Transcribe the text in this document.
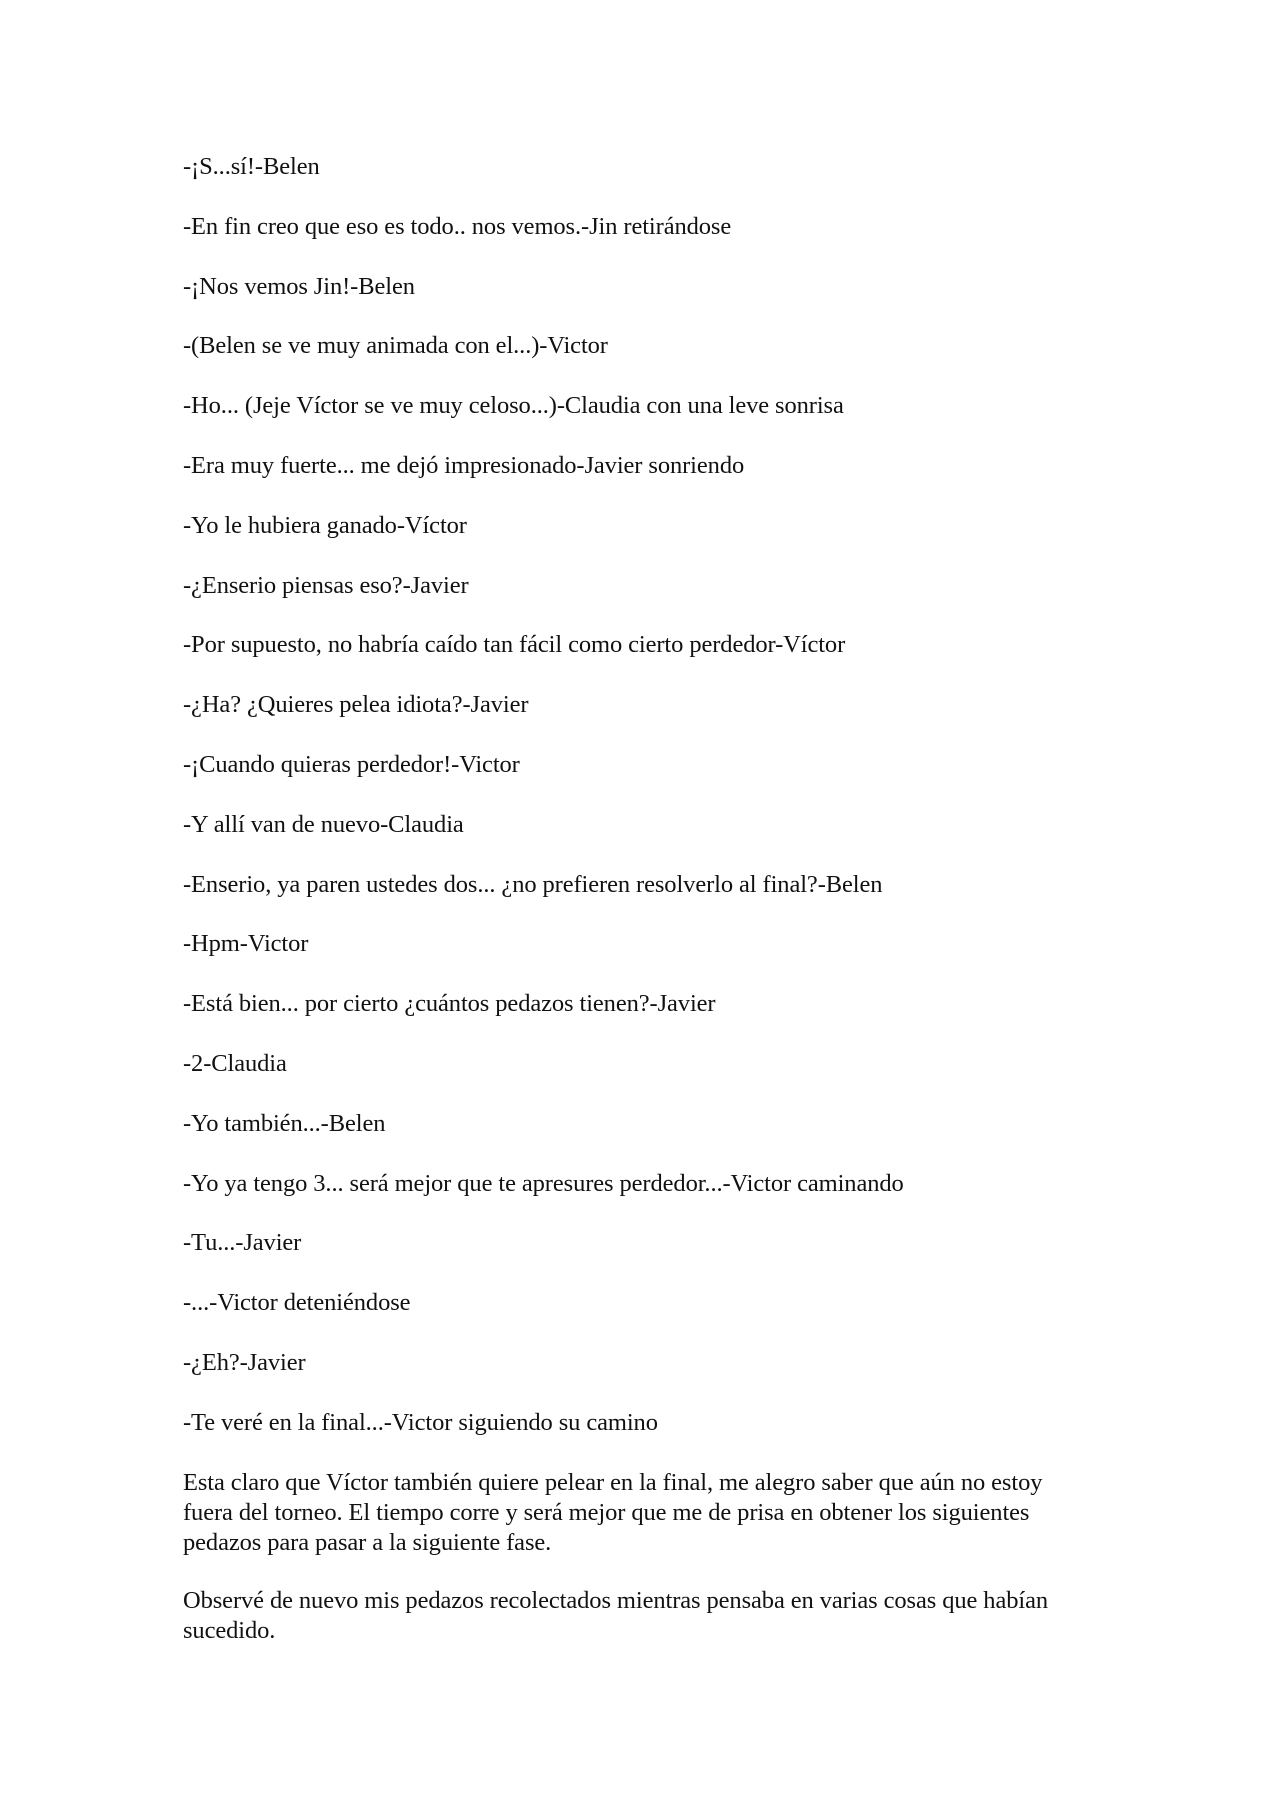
-¡S...sí!-Belen

-En fin creo que eso es todo.. nos vemos.-Jin retirándose

-¡Nos vemos Jin!-Belen

-(Belen se ve muy animada con el...)-Victor

-Ho... (Jeje Víctor se ve muy celoso...)-Claudia con una leve sonrisa

-Era muy fuerte... me dejó impresionado-Javier sonriendo

-Yo le hubiera ganado-Víctor

-¿Enserio piensas eso?-Javier

-Por supuesto, no habría caído tan fácil como cierto perdedor-Víctor

-¿Ha? ¿Quieres pelea idiota?-Javier

-¡Cuando quieras perdedor!-Victor

-Y allí van de nuevo-Claudia

-Enserio, ya paren ustedes dos... ¿no prefieren resolverlo al final?-Belen

-Hpm-Victor

-Está bien... por cierto ¿cuántos pedazos tienen?-Javier

-2-Claudia

-Yo también...-Belen

-Yo ya tengo 3... será mejor que te apresures perdedor...-Victor caminando

-Tu...-Javier

-...-Victor deteniéndose

-¿Eh?-Javier

-Te veré en la final...-Victor siguiendo su camino

Esta claro que Víctor también quiere pelear en la final, me alegro saber que aún no estoy fuera del torneo. El tiempo corre y será mejor que me de prisa en obtener los siguientes pedazos para pasar a la siguiente fase.

Observé de nuevo mis pedazos recolectados mientras pensaba en varias cosas que habían sucedido.
